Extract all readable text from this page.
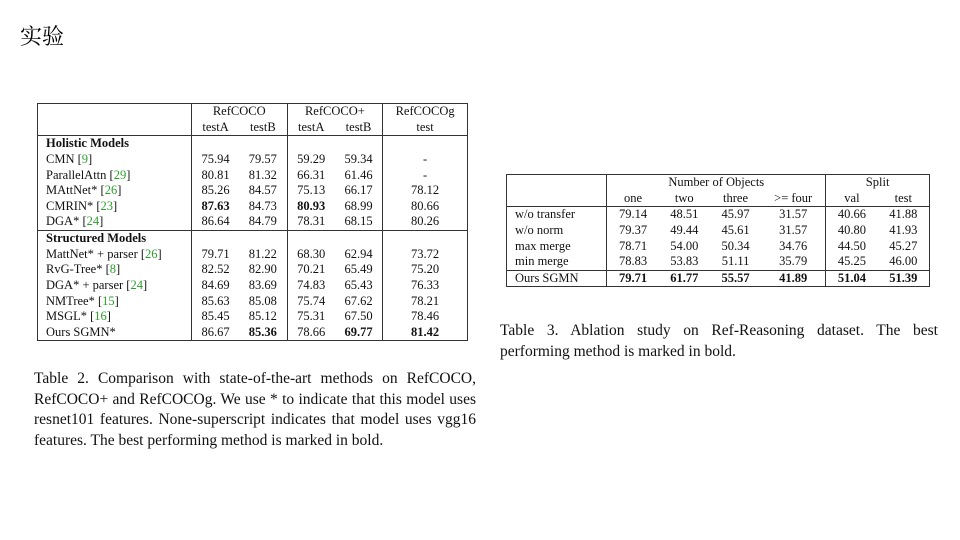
实验
	RefCOCO		RefCOCO+		RefCOCOg
	testA	testB	testA	testB	test
Holistic Models					
CMN [9]	75.94	79.57	59.29	59.34	-
ParallelAttn [29]	80.81	81.32	66.31	61.46	-
MAttNet* [26]	85.26	84.57	75.13	66.17	78.12
CMRIN* [23]	87.63	84.73	80.93	68.99	80.66
DGA* [24]	86.64	84.79	78.31	68.15	80.26
Structured Models					
MattNet* + parser [26]	79.71	81.22	68.30	62.94	73.72
RvG-Tree* [8]	82.52	82.90	70.21	65.49	75.20
DGA* + parser [24]	84.69	83.69	74.83	65.43	76.33
NMTree* [15]	85.63	85.08	75.74	67.62	78.21
MSGL* [16]	85.45	85.12	75.31	67.50	78.46
Ours SGMN*	86.67	85.36	78.66	69.77	81.42
Table 2. Comparison with state-of-the-art methods on RefCOCO, RefCOCO+ and RefCOCOg. We use * to indicate that this model uses resnet101 features. None-superscript indicates that model uses vgg16 features. The best performing method is marked in bold.
	Number of Objects				Split	
	one	two	three	>= four	val	test
w/o transfer	79.14	48.51	45.97	31.57	40.66	41.88
w/o norm	79.37	49.44	45.61	31.57	40.80	41.93
max merge	78.71	54.00	50.34	34.76	44.50	45.27
min merge	78.83	53.83	51.11	35.79	45.25	46.00
Ours SGMN	79.71	61.77	55.57	41.89	51.04	51.39
Table 3. Ablation study on Ref-Reasoning dataset. The best performing method is marked in bold.
